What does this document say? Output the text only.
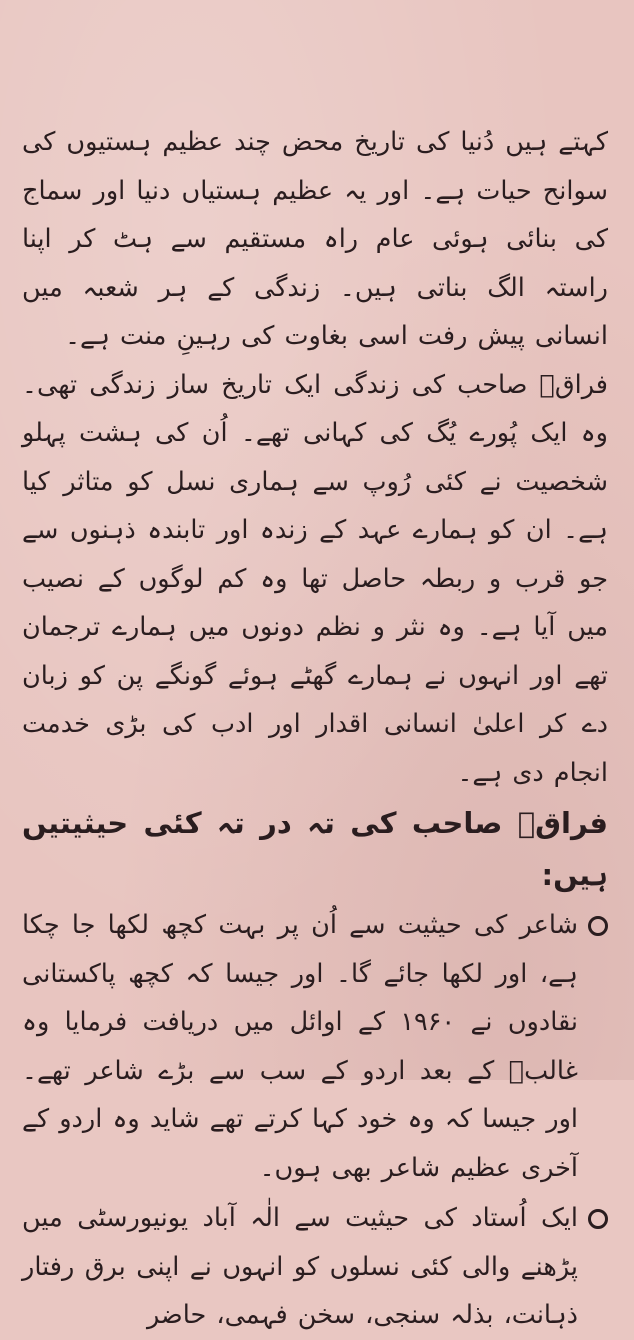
کہتے ہیں دُنیا کی تاریخ محض چند عظیم ہستیوں کی سوانح حیات ہے۔ اور یہ عظیم ہستیاں دنیا اور سماج کی بنائی ہوئی عام راہ مستقیم سے ہٹ کر اپنا راستہ الگ بناتی ہیں۔ زندگی کے ہر شعبہ میں انسانی پیش رفت اسی بغاوت کی رہینِ منت ہے۔

فراقؔ صاحب کی زندگی ایک تاریخ ساز زندگی تھی۔ وہ ایک پُورے یُگ کی کہانی تھے۔ اُن کی ہشت پہلو شخصیت نے کئی رُوپ سے ہماری نسل کو متاثر کیا ہے۔ ان کو ہمارے عہد کے زندہ اور تابندہ ذہنوں سے جو قرب و ربطہ حاصل تھا وہ کم لوگوں کے نصیب میں آیا ہے۔ وہ نثر و نظم دونوں میں ہمارے ترجمان تھے اور انہوں نے ہمارے گھٹے ہوئے گونگے پن کو زبان دے کر اعلیٰ انسانی اقدار اور ادب کی بڑی خدمت انجام دی ہے۔

فراقؔ صاحب کی تہ در تہ کئی حیثیتیں ہیں:

شاعر کی حیثیت سے اُن پر بہت کچھ لکھا جا چکا ہے، اور لکھا جائے گا۔ اور جیسا کہ کچھ پاکستانی نقادوں نے ۱۹۶۰ کے اوائل میں دریافت فرمایا وہ غالبؔ کے بعد اردو کے سب سے بڑے شاعر تھے۔ اور جیسا کہ وہ خود کہا کرتے تھے شاید وہ اردو کے آخری عظیم شاعر بھی ہوں۔

ایک اُستاد کی حیثیت سے الٰہ آباد یونیورسٹی میں پڑھنے والی کئی نسلوں کو انہوں نے اپنی برق رفتار ذہانت، بذلہ سنجی، سخن فہمی، حاضر
